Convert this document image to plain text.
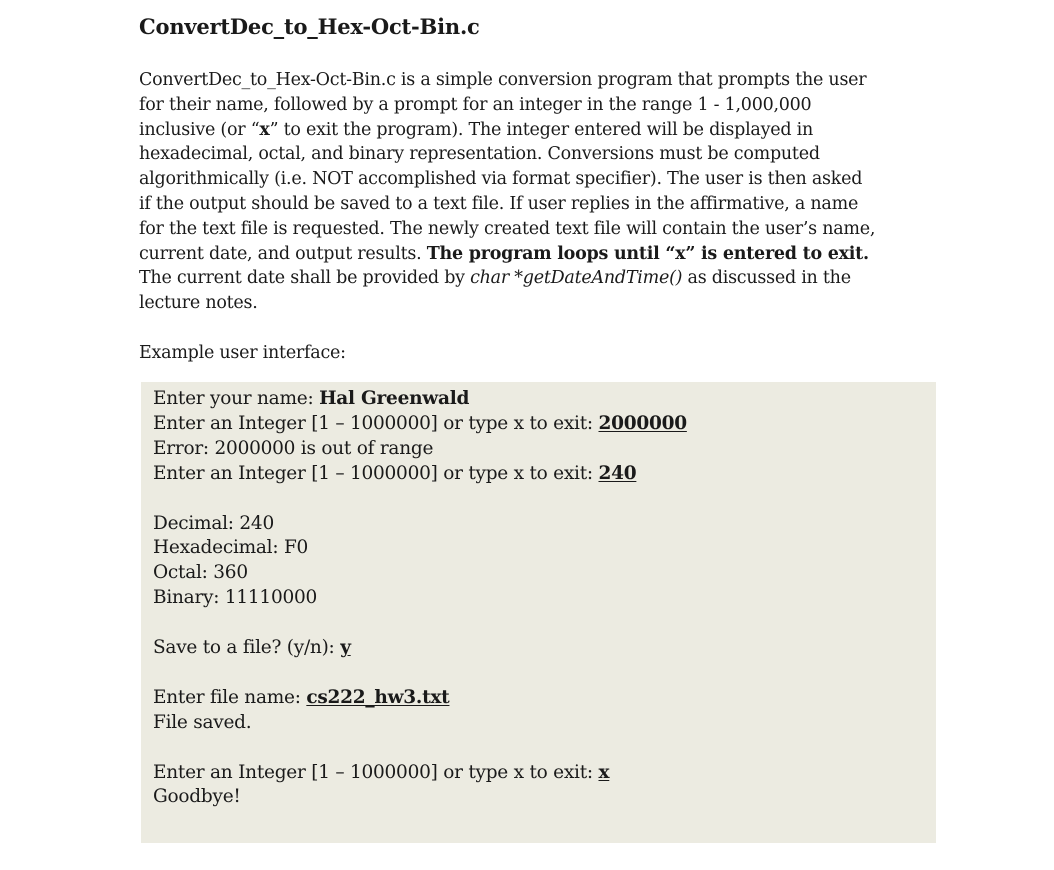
ConvertDec_to_Hex-Oct-Bin.c
ConvertDec_to_Hex-Oct-Bin.c is a simple conversion program that prompts the user
for their name, followed by a prompt for an integer in the range 1 - 1,000,000
inclusive (or “x” to exit the program). The integer entered will be displayed in
hexadecimal, octal, and binary representation. Conversions must be computed
algorithmically (i.e. NOT accomplished via format specifier). The user is then asked
if the output should be saved to a text file. If user replies in the affirmative, a name
for the text file is requested. The newly created text file will contain the user’s name,
current date, and output results. The program loops until “x” is entered to exit.
The current date shall be provided by char *getDateAndTime() as discussed in the
lecture notes.
Example user interface:
Enter your name: Hal Greenwald
Enter an Integer [1 – 1000000] or type x to exit: 2000000
Error: 2000000 is out of range
Enter an Integer [1 – 1000000] or type x to exit: 240
Decimal: 240
Hexadecimal: F0
Octal: 360
Binary: 11110000
Save to a file? (y/n): y
Enter file name: cs222_hw3.txt
File saved.
Enter an Integer [1 – 1000000] or type x to exit: x
Goodbye!
